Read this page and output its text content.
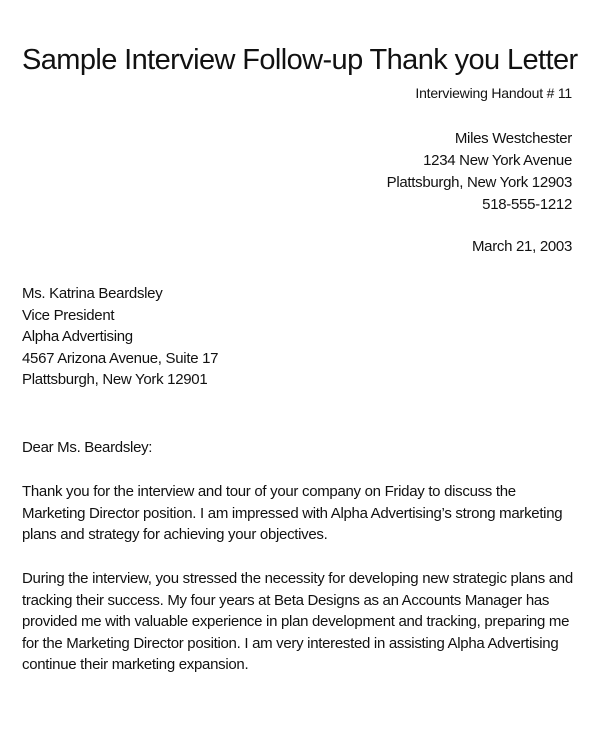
Sample Interview Follow-up Thank you Letter
Interviewing Handout # 11
Miles Westchester
1234 New York Avenue
Plattsburgh, New York 12903
518-555-1212
March 21, 2003
Ms. Katrina Beardsley
Vice President
Alpha Advertising
4567 Arizona Avenue, Suite 17
Plattsburgh, New York 12901
Dear Ms. Beardsley:

Thank you for the interview and tour of your company on Friday to discuss the Marketing Director position. I am impressed with Alpha Advertising’s strong marketing plans and strategy for achieving your objectives.

During the interview, you stressed the necessity for developing new strategic plans and tracking their success. My four years at Beta Designs as an Accounts Manager has provided me with valuable experience in plan development and tracking, preparing me for the Marketing Director position. I am very interested in assisting Alpha Advertising continue their marketing expansion.
